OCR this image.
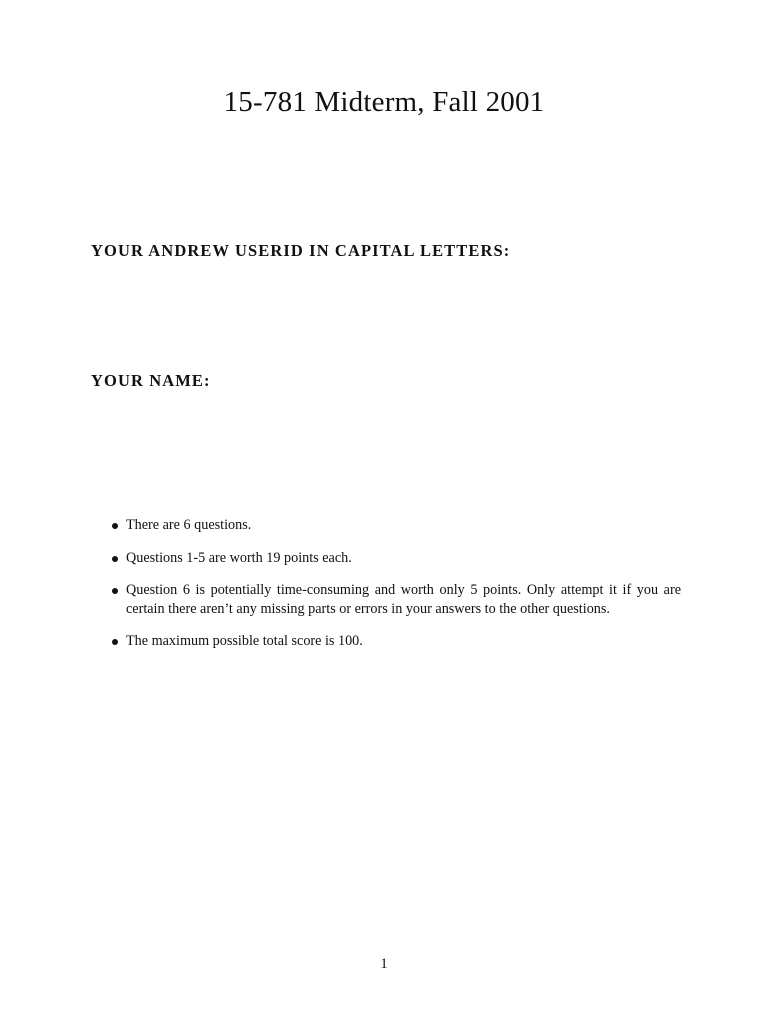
15-781 Midterm, Fall 2001

YOUR ANDREW USERID IN CAPITAL LETTERS:

YOUR NAME:

There are 6 questions.
Questions 1-5 are worth 19 points each.
Question 6 is potentially time-consuming and worth only 5 points. Only attempt it if you are certain there aren’t any missing parts or errors in your answers to the other questions.
The maximum possible total score is 100.

1
